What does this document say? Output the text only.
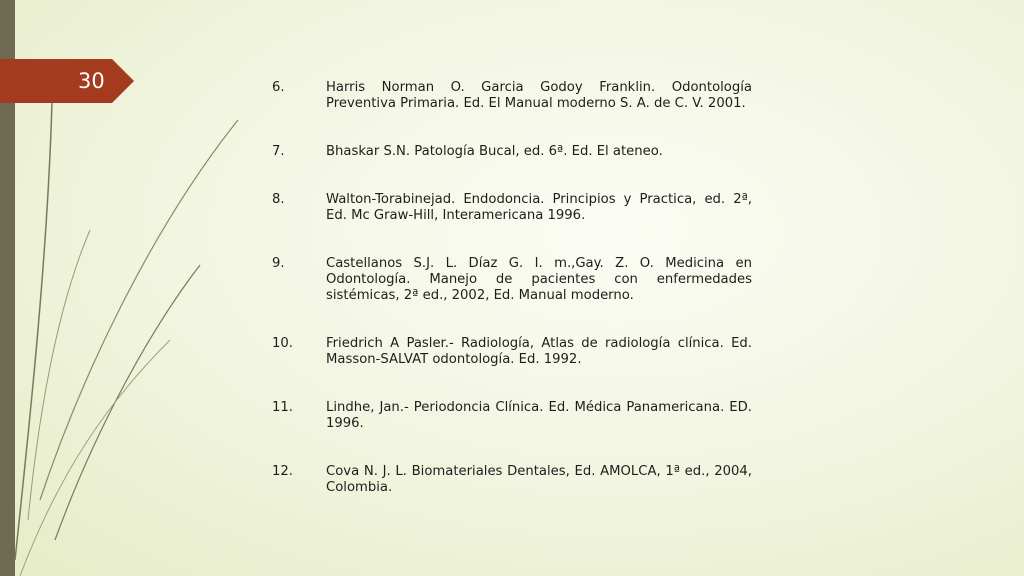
30	6.	Harris Norman O. Garcia Godoy Franklin. Odontología Preventiva Primaria. Ed. El Manual moderno S. A. de C. V. 2001.
7.	Bhaskar S.N. Patología Bucal, ed. 6ª. Ed. El ateneo.
8.	Walton-Torabinejad. Endodoncia. Principios y Practica, ed. 2ª, Ed. Mc Graw-Hill, Interamericana 1996.
9.	Castellanos S.J. L. Díaz G. I. m.,Gay. Z. O. Medicina en Odontología. Manejo de pacientes con enfermedades sistémicas, 2ª ed., 2002, Ed. Manual moderno.
10.	Friedrich A Pasler.- Radiología, Atlas de radiología clínica. Ed. Masson-SALVAT odontología. Ed. 1992.
11.	Lindhe, Jan.- Periodoncia Clínica. Ed. Médica Panamericana. ED. 1996.
12.	Cova N. J. L. Biomateriales Dentales, Ed. AMOLCA, 1ª ed., 2004, Colombia.
